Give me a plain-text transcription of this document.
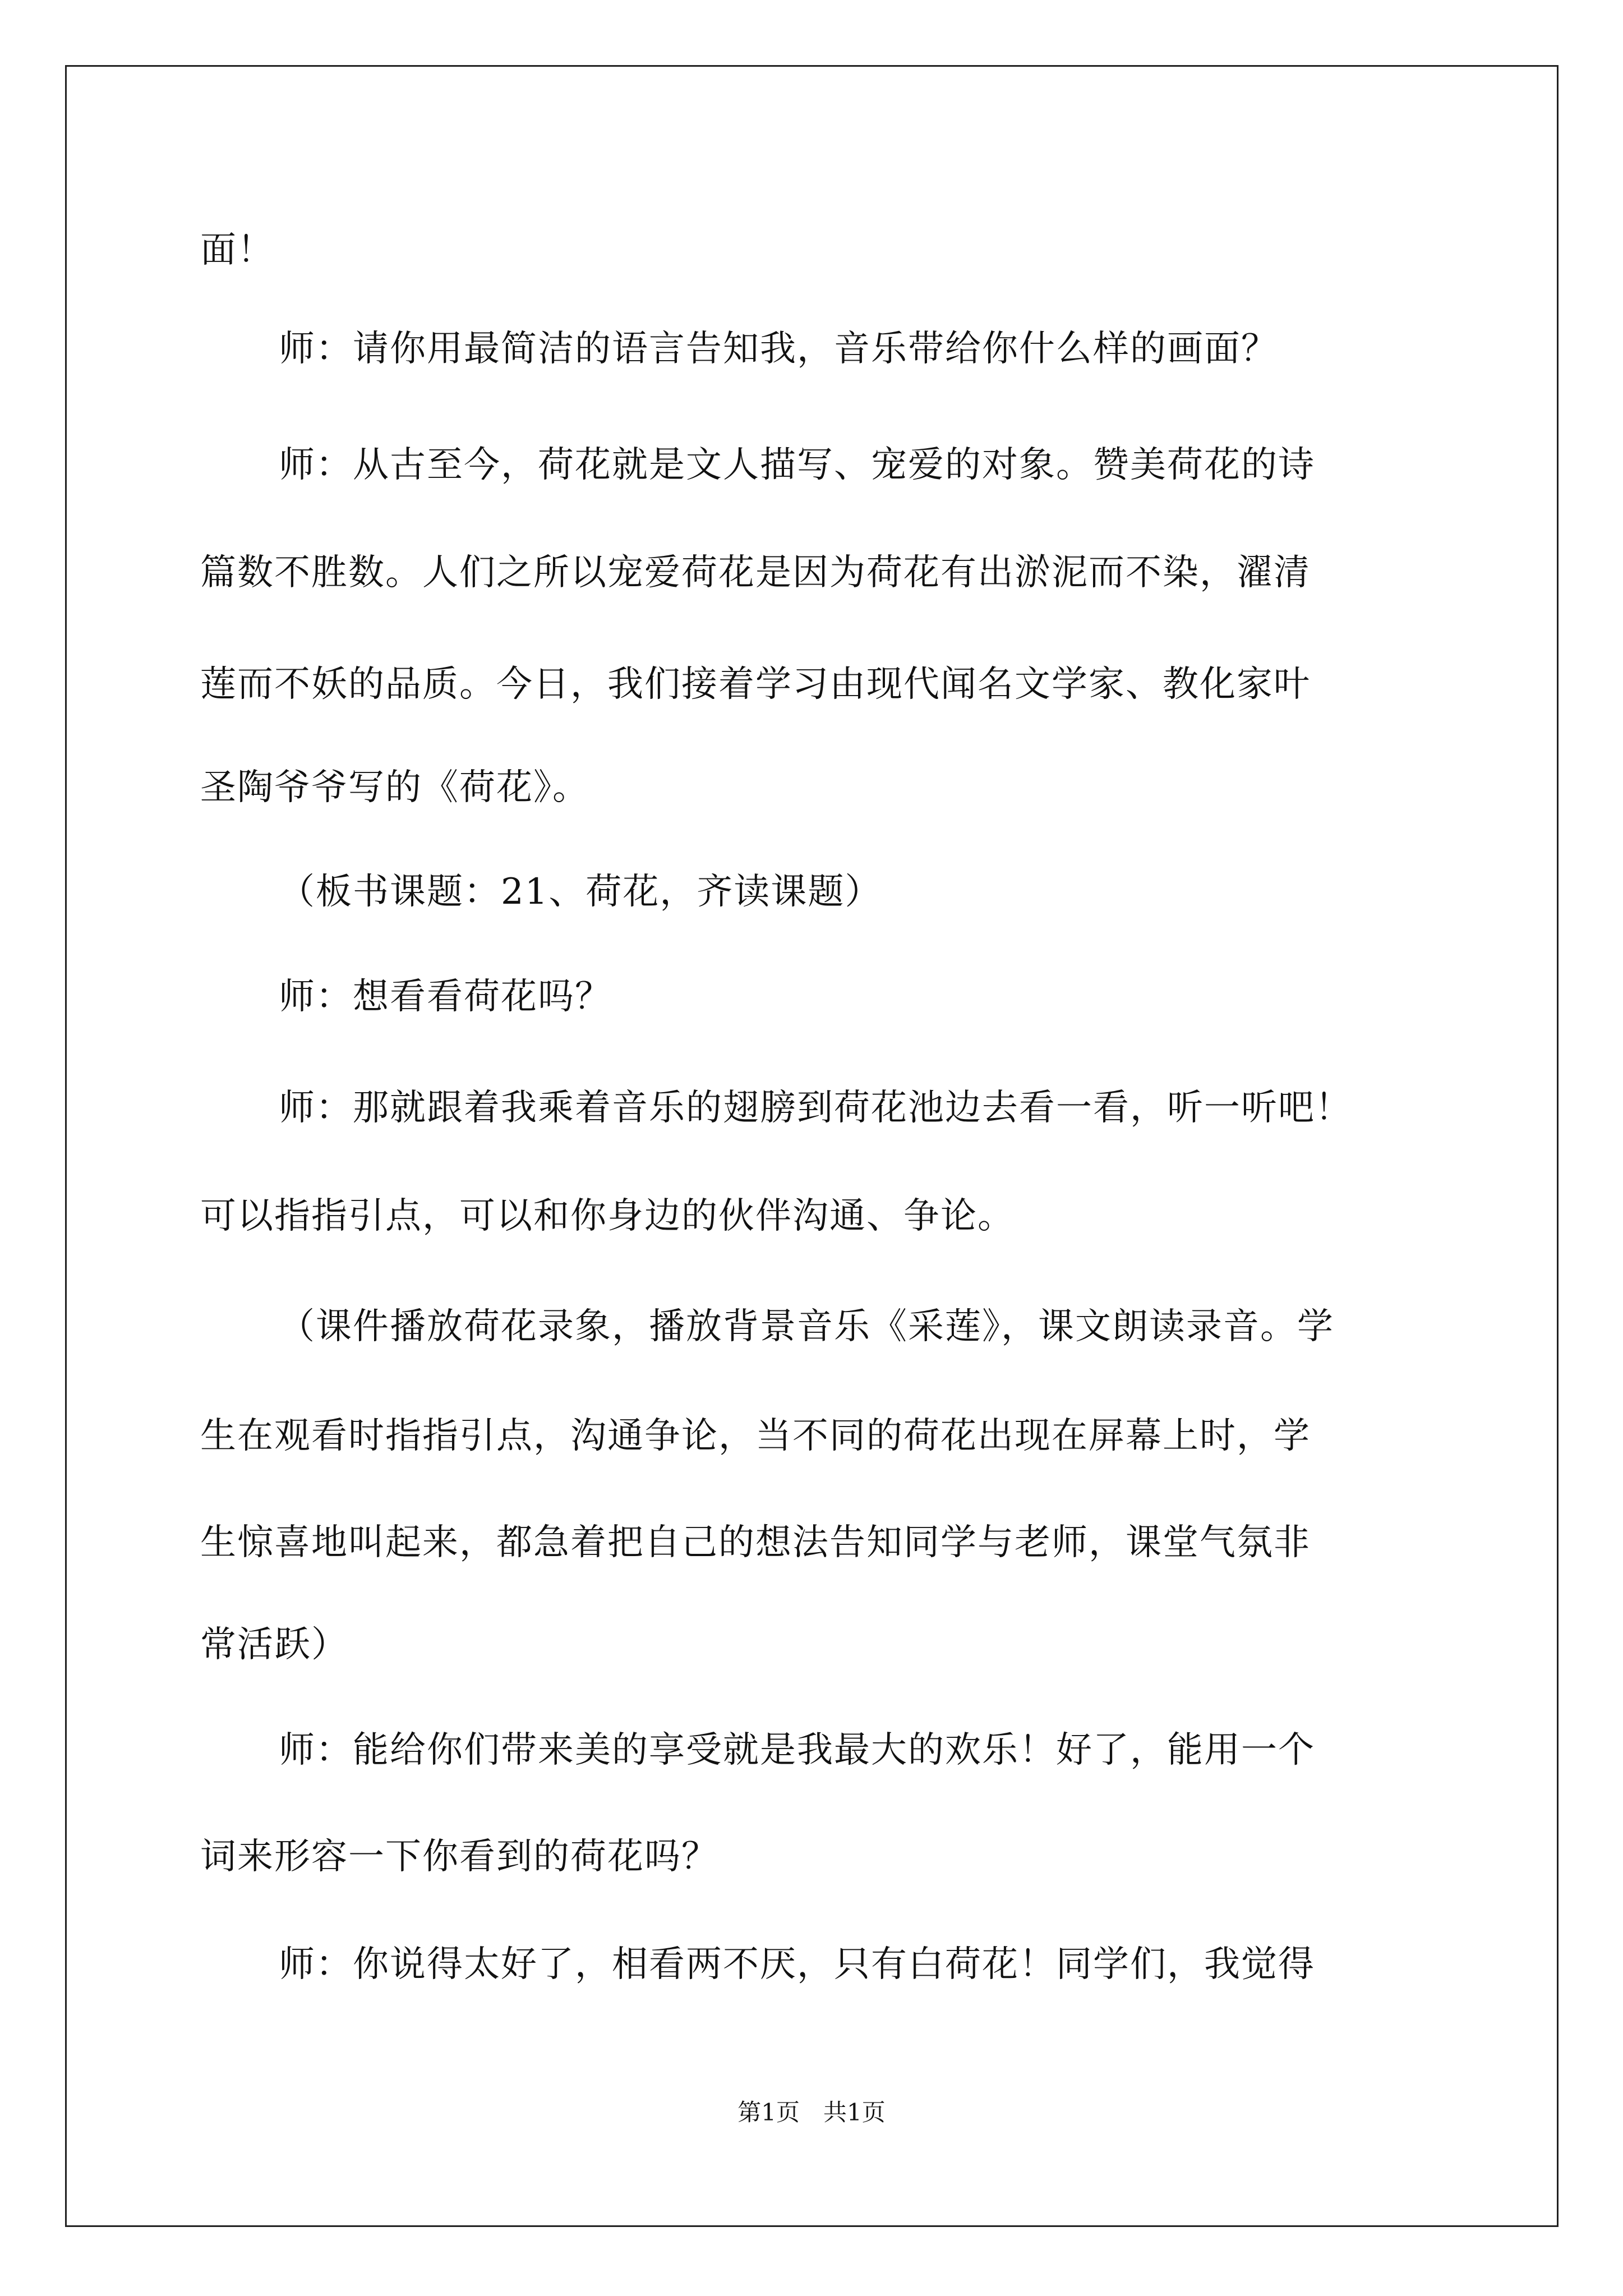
面！
师：请你用最简洁的语言告知我，音乐带给你什么样的画面？
师：从古至今，荷花就是文人描写、宠爱的对象。赞美荷花的诗
篇数不胜数。人们之所以宠爱荷花是因为荷花有出淤泥而不染，濯清
莲而不妖的品质。今日，我们接着学习由现代闻名文学家、教化家叶
圣陶爷爷写的《荷花》。
（板书课题：21、荷花，齐读课题）
师：想看看荷花吗？
师：那就跟着我乘着音乐的翅膀到荷花池边去看一看，听一听吧！
可以指指引点，可以和你身边的伙伴沟通、争论。
（课件播放荷花录象，播放背景音乐《采莲》，课文朗读录音。学
生在观看时指指引点，沟通争论，当不同的荷花出现在屏幕上时，学
生惊喜地叫起来，都急着把自己的想法告知同学与老师，课堂气氛非
常活跃）
师：能给你们带来美的享受就是我最大的欢乐！好了，能用一个
词来形容一下你看到的荷花吗？
师：你说得太好了，相看两不厌，只有白荷花！同学们，我觉得
第1页　共1页
